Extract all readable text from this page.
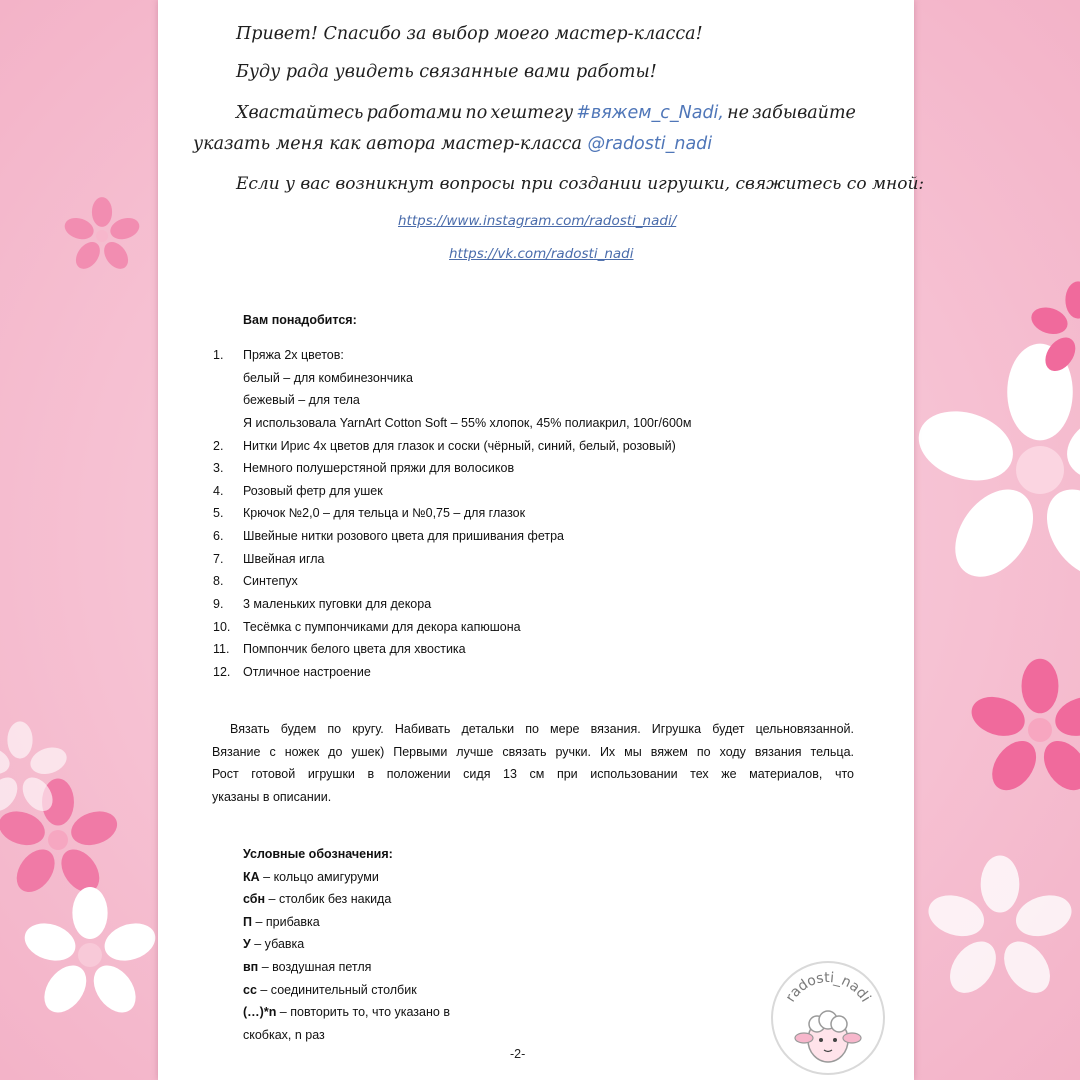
Привет! Спасибо за выбор моего мастер-класса!
Буду рада увидеть связанные вами работы!
Хвастайтесь работами по хештегу #вяжем_с_Nadi, не забывайте
указать меня как автора мастер-класса @radosti_nadi
Если у вас возникнут вопросы при создании игрушки, свяжитесь со мной:
https://www.instagram.com/radosti_nadi/
https://vk.com/radosti_nadi
Вам понадобится:
1.	Пряжа 2х цветов:
белый – для комбинезончика
бежевый – для тела
Я использовала YarnArt Cotton Soft – 55% хлопок, 45% полиакрил, 100г/600м
2.	Нитки Ирис 4х цветов для глазок и соски (чёрный, синий, белый, розовый)
3.	Немного полушерстяной пряжи для волосиков
4.	Розовый фетр для ушек
5.	Крючок №2,0 – для тельца и №0,75 – для глазок
6.	Швейные нитки розового цвета для пришивания фетра
7.	Швейная игла
8.	Синтепух
9.	3 маленьких пуговки для декора
10.	Тесёмка с пумпончиками для декора капюшона
11.	Помпончик белого цвета для хвостика
12.	Отличное настроение
Вязать будем по кругу. Набивать детальки по мере вязания. Игрушка будет цельновязанной.
Вязание с ножек до ушек) Первыми лучше связать ручки. Их мы вяжем по ходу вязания тельца.
Рост готовой игрушки в положении сидя 13 см при использовании тех же материалов, что
указаны в описании.
Условные обозначения:
КА – кольцо амигуруми
сбн – столбик без накида
П – прибавка
У – убавка
вп – воздушная петля
сс – соединительный столбик
(…)*n – повторить то, что указано в
скобках, n раз
-2-
radosti_nadi
